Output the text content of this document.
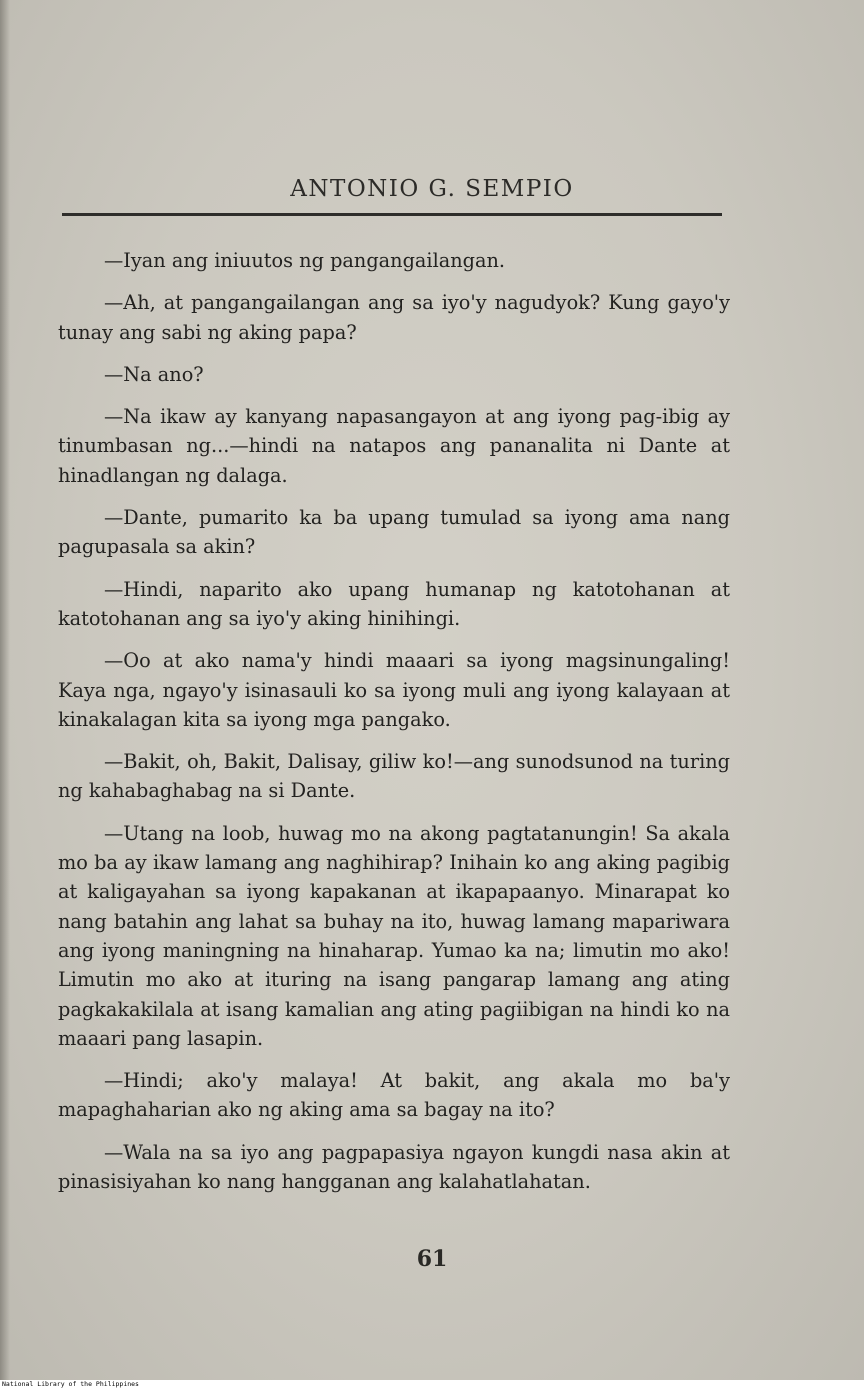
ANTONIO G. SEMPIO

—Iyan ang iniuutos ng pangangailangan.

—Ah, at pangangailangan ang sa iyo'y nagudyok? Kung gayo'y tunay ang sabi ng aking papa?

—Na ano?

—Na ikaw ay kanyang napasangayon at ang iyong pag-ibig ay tinumbasan ng...—hindi na natapos ang pananalita ni Dante at hinadlangan ng dalaga.

—Dante, pumarito ka ba upang tumulad sa iyong ama nang pagupasala sa akin?

—Hindi, naparito ako upang humanap ng katotohanan at katotohanan ang sa iyo'y aking hinihingi.

—Oo at ako nama'y hindi maaari sa iyong magsinungaling! Kaya nga, ngayo'y isinasauli ko sa iyong muli ang iyong kalayaan at kinakalagan kita sa iyong mga pangako.

—Bakit, oh, Bakit, Dalisay, giliw ko!—ang sunodsunod na turing ng kahabaghabag na si Dante.

—Utang na loob, huwag mo na akong pagtatanungin! Sa akala mo ba ay ikaw lamang ang naghihirap? Inihain ko ang aking pagibig at kaligayahan sa iyong kapakanan at ikapapaanyo. Minarapat ko nang batahin ang lahat sa buhay na ito, huwag lamang mapariwara ang iyong maningning na hinaharap. Yumao ka na; limutin mo ako! Limutin mo ako at ituring na isang pangarap lamang ang ating pagkakakilala at isang kamalian ang ating pagiibigan na hindi ko na maaari pang lasapin.

—Hindi; ako'y malaya! At bakit, ang akala mo ba'y mapaghaharian ako ng aking ama sa bagay na ito?

—Wala na sa iyo ang pagpapasiya ngayon kungdi nasa akin at pinasisiyahan ko nang hangganan ang kalahatlahatan.

61
National Library of the Philippines
